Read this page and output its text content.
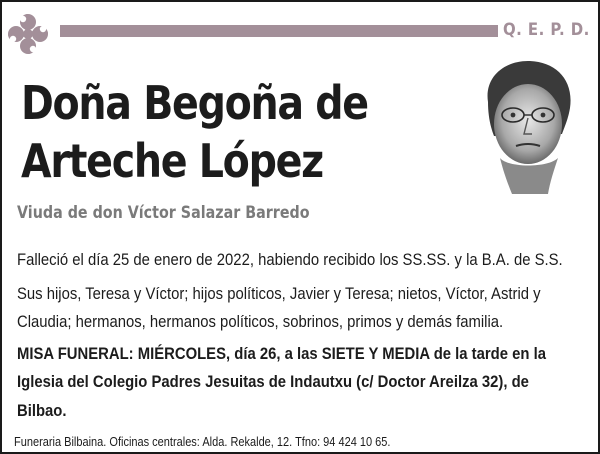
Q. E. P. D.
Doña Begoña de
Arteche López
Viuda de don Víctor Salazar Barredo
Falleció el día 25 de enero de 2022, habiendo recibido los SS.SS. y la B.A. de S.S.
Sus hijos, Teresa y Víctor; hijos políticos, Javier y Teresa; nietos, Víctor, Astrid y
Claudia; hermanos, hermanos políticos, sobrinos, primos y demás familia.
MISA FUNERAL: MIÉRCOLES, día 26, a las SIETE Y MEDIA de la tarde en la
Iglesia del Colegio Padres Jesuitas de Indautxu (c/ Doctor Areilza 32), de
Bilbao.
Funeraria Bilbaina. Oficinas centrales: Alda. Rekalde, 12. Tfno: 94 424 10 65.
